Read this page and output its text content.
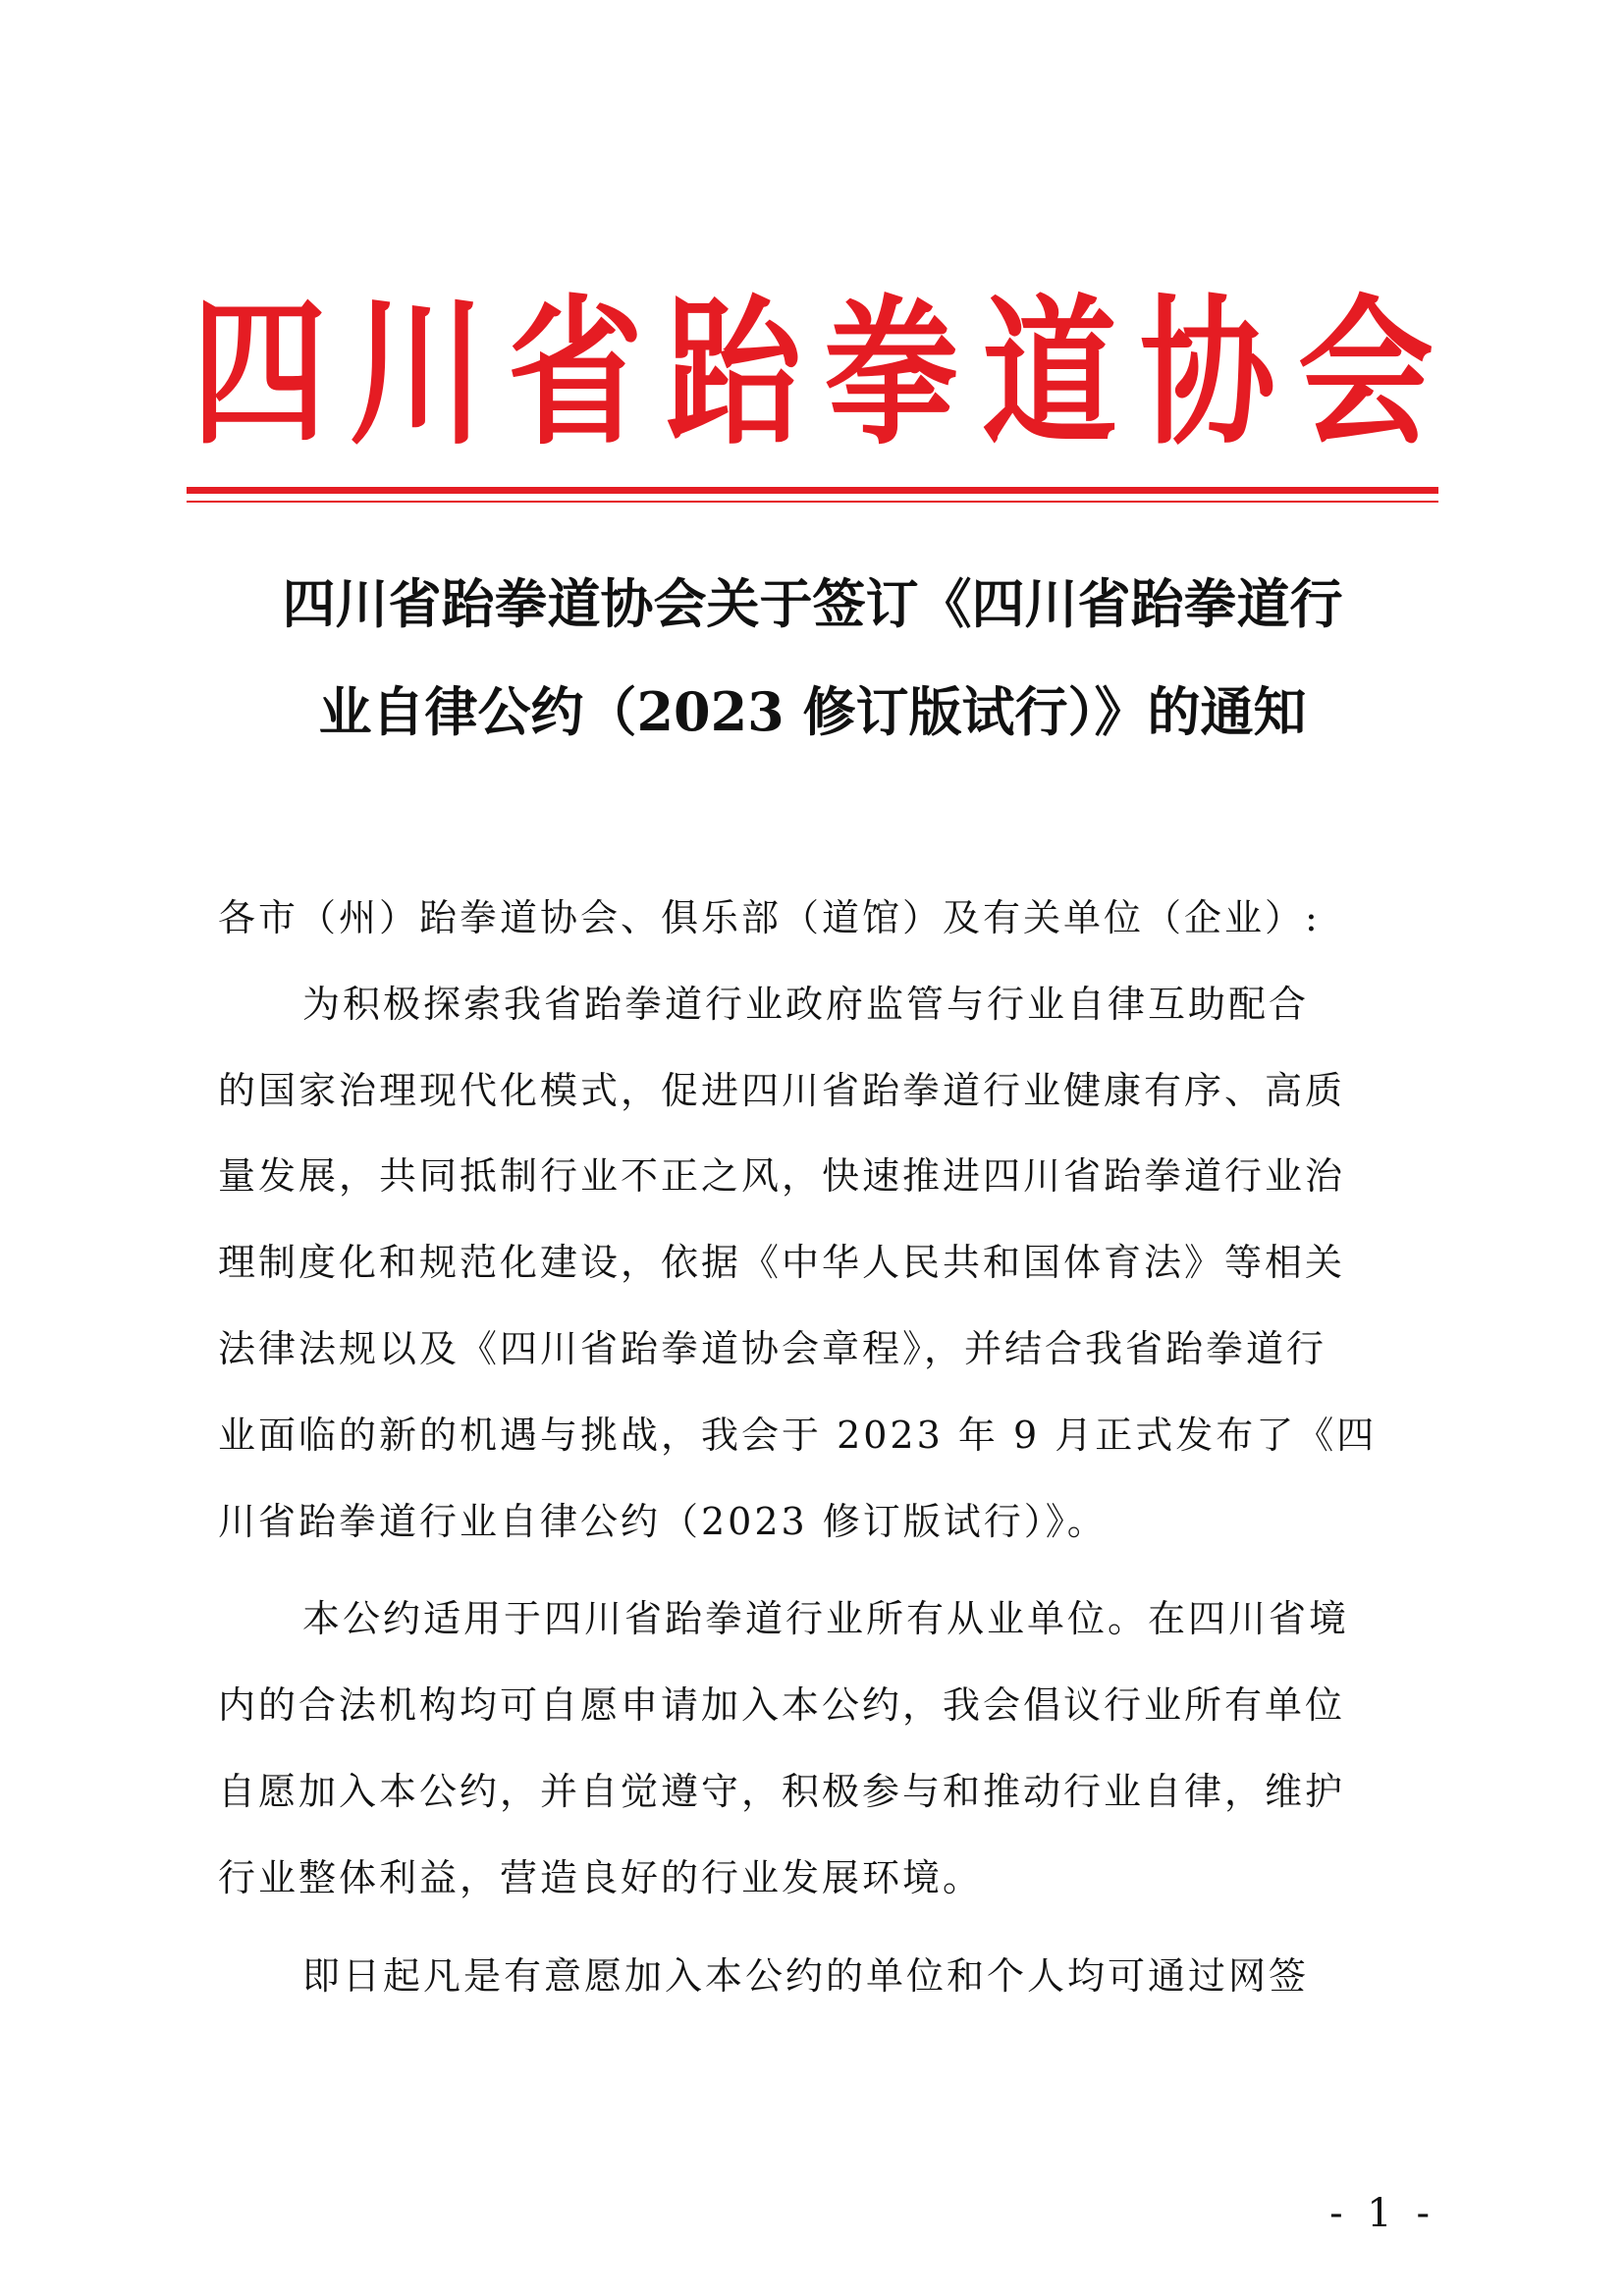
四 川 省 跆 拳 道 协 会
四川省跆拳道协会关于签订《四川省跆拳道行
业自律公约（2023 修订版试行）》的通知
各市（州）跆拳道协会、俱乐部（道馆）及有关单位（企业）:
为积极探索我省跆拳道行业政府监管与行业自律互助配合
的国家治理现代化模式，促进四川省跆拳道行业健康有序、高质
量发展，共同抵制行业不正之风，快速推进四川省跆拳道行业治
理制度化和规范化建设，依据《中华人民共和国体育法》等相关
法律法规以及《四川省跆拳道协会章程》，并结合我省跆拳道行
业面临的新的机遇与挑战，我会于 2023 年 9 月正式发布了《四
川省跆拳道行业自律公约（2023 修订版试行）》。
本公约适用于四川省跆拳道行业所有从业单位。在四川省境
内的合法机构均可自愿申请加入本公约，我会倡议行业所有单位
自愿加入本公约，并自觉遵守，积极参与和推动行业自律，维护
行业整体利益，营造良好的行业发展环境。
即日起凡是有意愿加入本公约的单位和个人均可通过网签
- 1 -
